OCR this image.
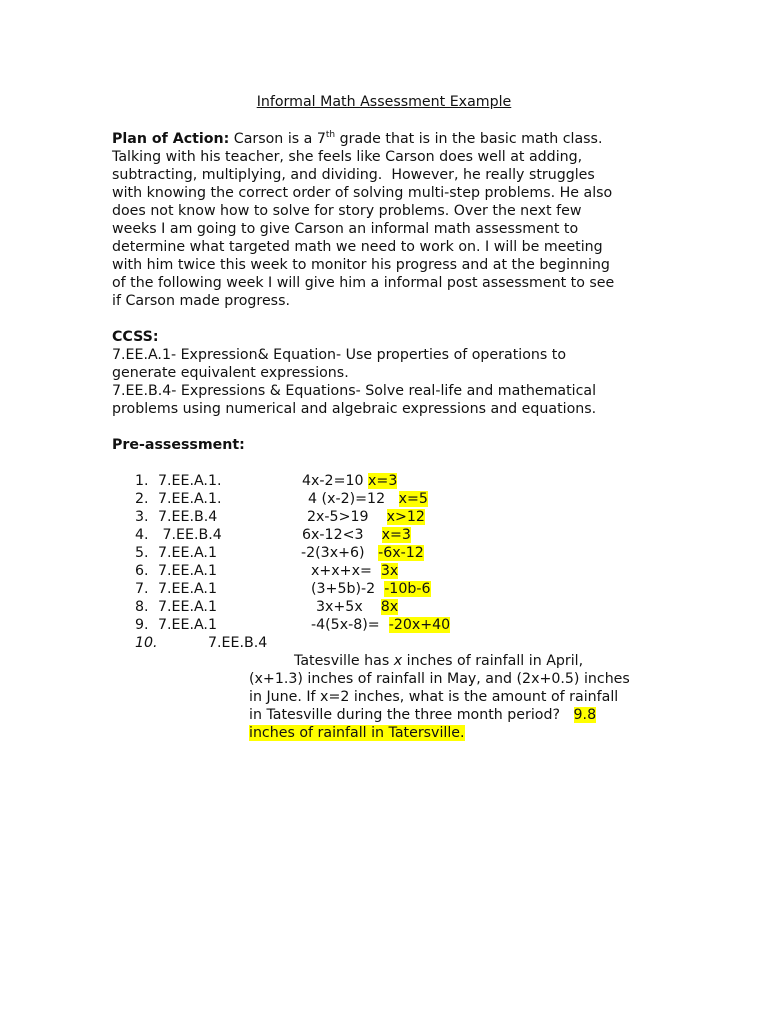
Informal Math Assessment Example
Plan of Action: Carson is a 7th grade that is in the basic math class.
Talking with his teacher, she feels like Carson does well at adding,
subtracting, multiplying, and dividing.  However, he really struggles
with knowing the correct order of solving multi-step problems. He also
does not know how to solve for story problems. Over the next few
weeks I am going to give Carson an informal math assessment to
determine what targeted math we need to work on. I will be meeting
with him twice this week to monitor his progress and at the beginning
of the following week I will give him a informal post assessment to see
if Carson made progress.
CCSS:
7.EE.A.1- Expression& Equation- Use properties of operations to
generate equivalent expressions.
7.EE.B.4- Expressions & Equations- Solve real-life and mathematical
problems using numerical and algebraic expressions and equations.
Pre-assessment:
1. 7.EE.A.1.	4x-2=10 x=3
2. 7.EE.A.1.	4 (x-2)=12   x=5
3. 7.EE.B.4	2x-5>19    x>12
4. 7.EE.B.4	6x-12<3    x=3
5. 7.EE.A.1	-2(3x+6)   -6x-12
6. 7.EE.A.1	x+x+x=  3x
7. 7.EE.A.1	(3+5b)-2  -10b-6
8. 7.EE.A.1	3x+5x    8x
9. 7.EE.A.1	-4(5x-8)=  -20x+40
10.	7.EE.B.4
Tatesville has x inches of rainfall in April,
(x+1.3) inches of rainfall in May, and (2x+0.5) inches
in June. If x=2 inches, what is the amount of rainfall
in Tatesville during the three month period?   9.8
inches of rainfall in Tatersville.
